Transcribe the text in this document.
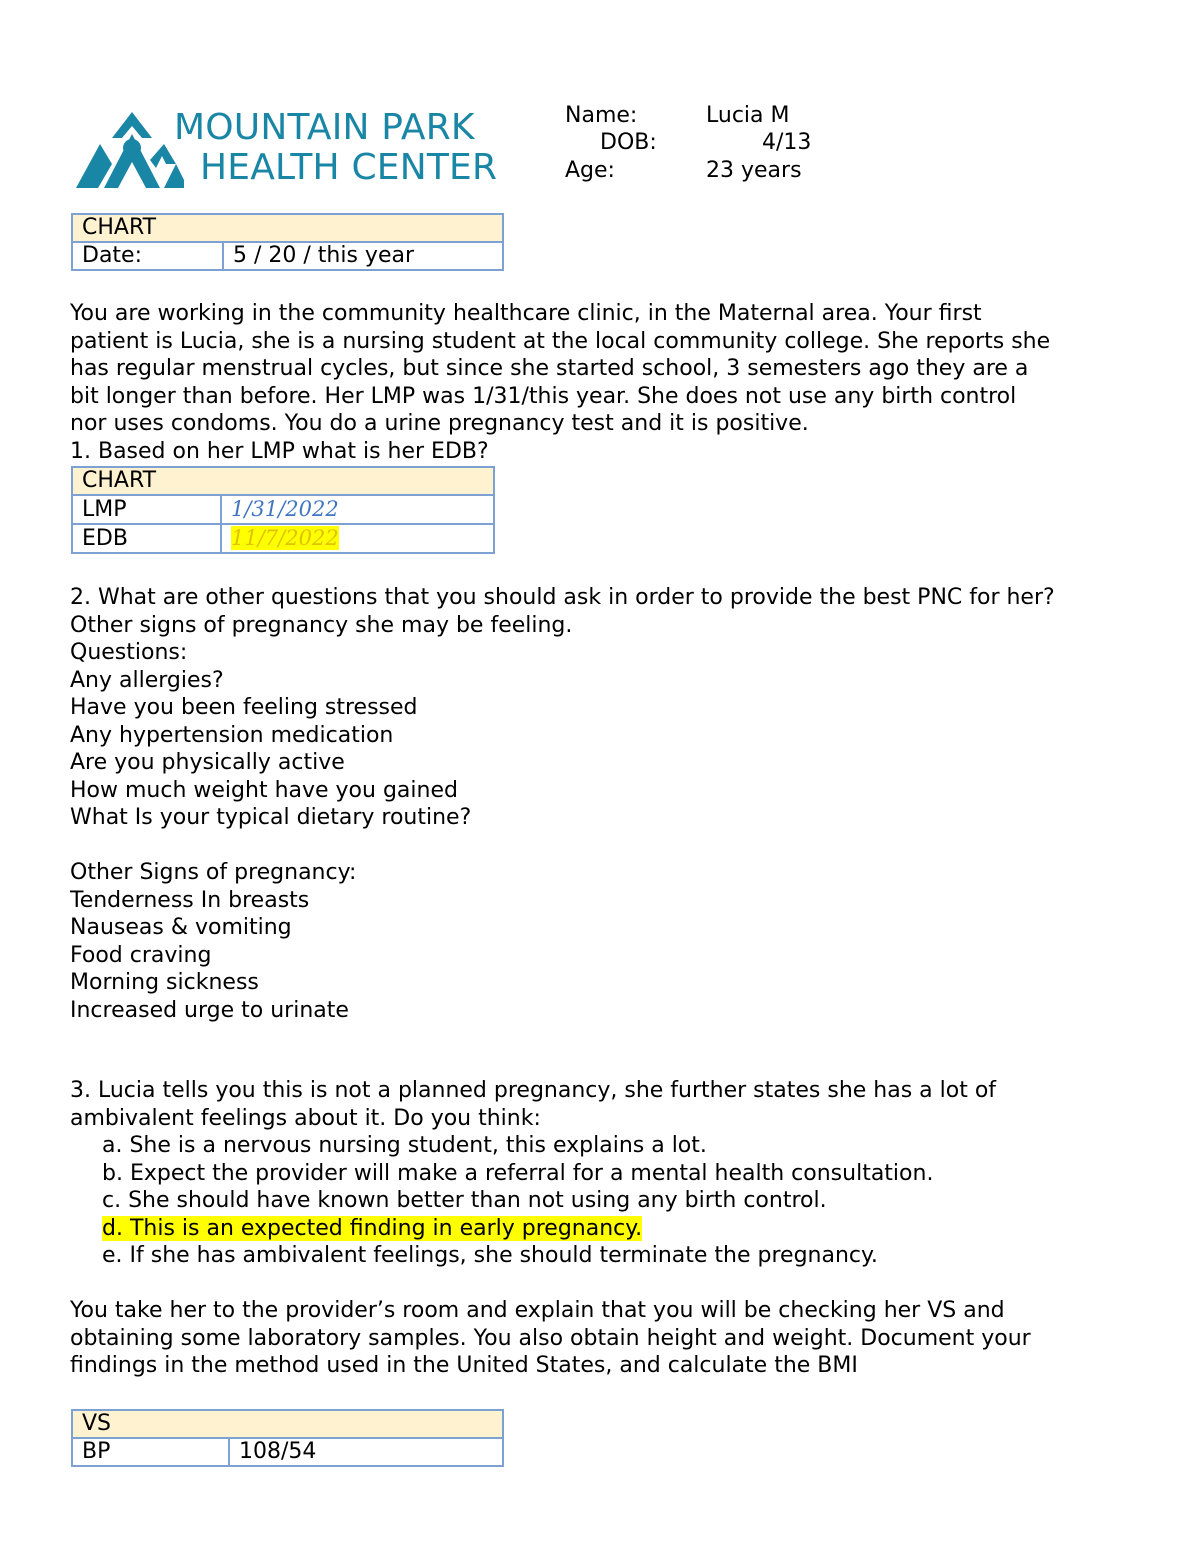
MOUNTAIN PARK
HEALTH CENTER
Name:	Lucia M
DOB:	4/13
Age:	23 years
CHART
Date:	5 / 20 / this year
You are working in the community healthcare clinic, in the Maternal area. Your first
patient is Lucia, she is a nursing student at the local community college. She reports she
has regular menstrual cycles, but since she started school, 3 semesters ago they are a
bit longer than before. Her LMP was 1/31/this year. She does not use any birth control
nor uses condoms. You do a urine pregnancy test and it is positive.
1. Based on her LMP what is her EDB?
CHART	
LMP	1/31/2022
EDB	11/7/2022
2. What are other questions that you should ask in order to provide the best PNC for her?
Other signs of pregnancy she may be feeling.
Questions:
Any allergies?
Have you been feeling stressed
Any hypertension medication
Are you physically active
How much weight have you gained
What Is your typical dietary routine?

Other Signs of pregnancy:
Tenderness In breasts
Nauseas & vomiting
Food craving
Morning sickness
Increased urge to urinate
3. Lucia tells you this is not a planned pregnancy, she further states she has a lot of
ambivalent feelings about it. Do you think:
a. She is a nervous nursing student, this explains a lot.
b. Expect the provider will make a referral for a mental health consultation.
c. She should have known better than not using any birth control.
d. This is an expected finding in early pregnancy.
e. If she has ambivalent feelings, she should terminate the pregnancy.

You take her to the provider’s room and explain that you will be checking her VS and
obtaining some laboratory samples. You also obtain height and weight. Document your
findings in the method used in the United States, and calculate the BMI
VS
BP	108/54
